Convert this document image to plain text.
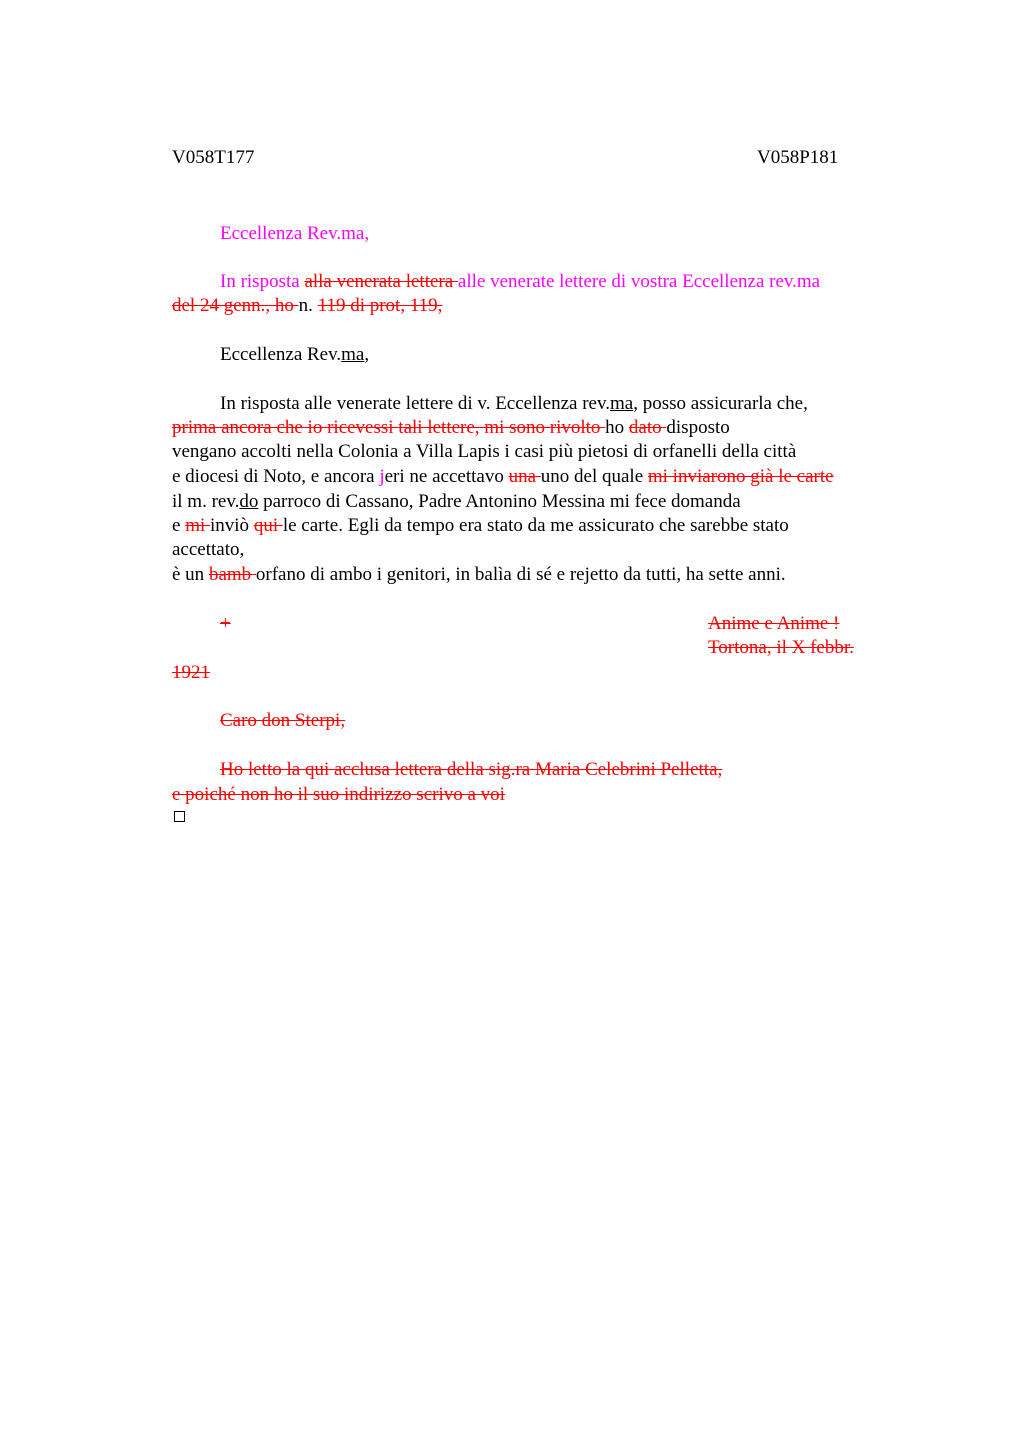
V058T177	V058P181
Eccellenza Rev.ma,
In risposta alla venerata lettera alle venerate lettere di vostra Eccellenza rev.ma
del 24 genn., ho n. 119 di prot, 119,
Eccellenza Rev.ma,
In risposta alle venerate lettere di v. Eccellenza rev.ma, posso assicurarla che,
prima ancora che io ricevessi tali lettere, mi sono rivolto ho dato disposto
vengano accolti nella Colonia a Villa Lapis i casi più pietosi di orfanelli della città
e diocesi di Noto, e ancora jeri ne accettavo una uno del quale mi inviarono già le carte
il m. rev.do parroco di Cassano, Padre Antonino Messina mi fece domanda
e mi inviò qui le carte. Egli da tempo era stato da me assicurato che sarebbe stato
accettato,
è un bamb orfano di ambo i genitori, in balìa di sé e rejetto da tutti, ha sette anni.
+	Anime e Anime !
Tortona, il X febbr.
1921
Caro don Sterpi,
Ho letto la qui acclusa lettera della sig.ra Maria Celebrini Pelletta,
e poiché non ho il suo indirizzo scrivo a voi
